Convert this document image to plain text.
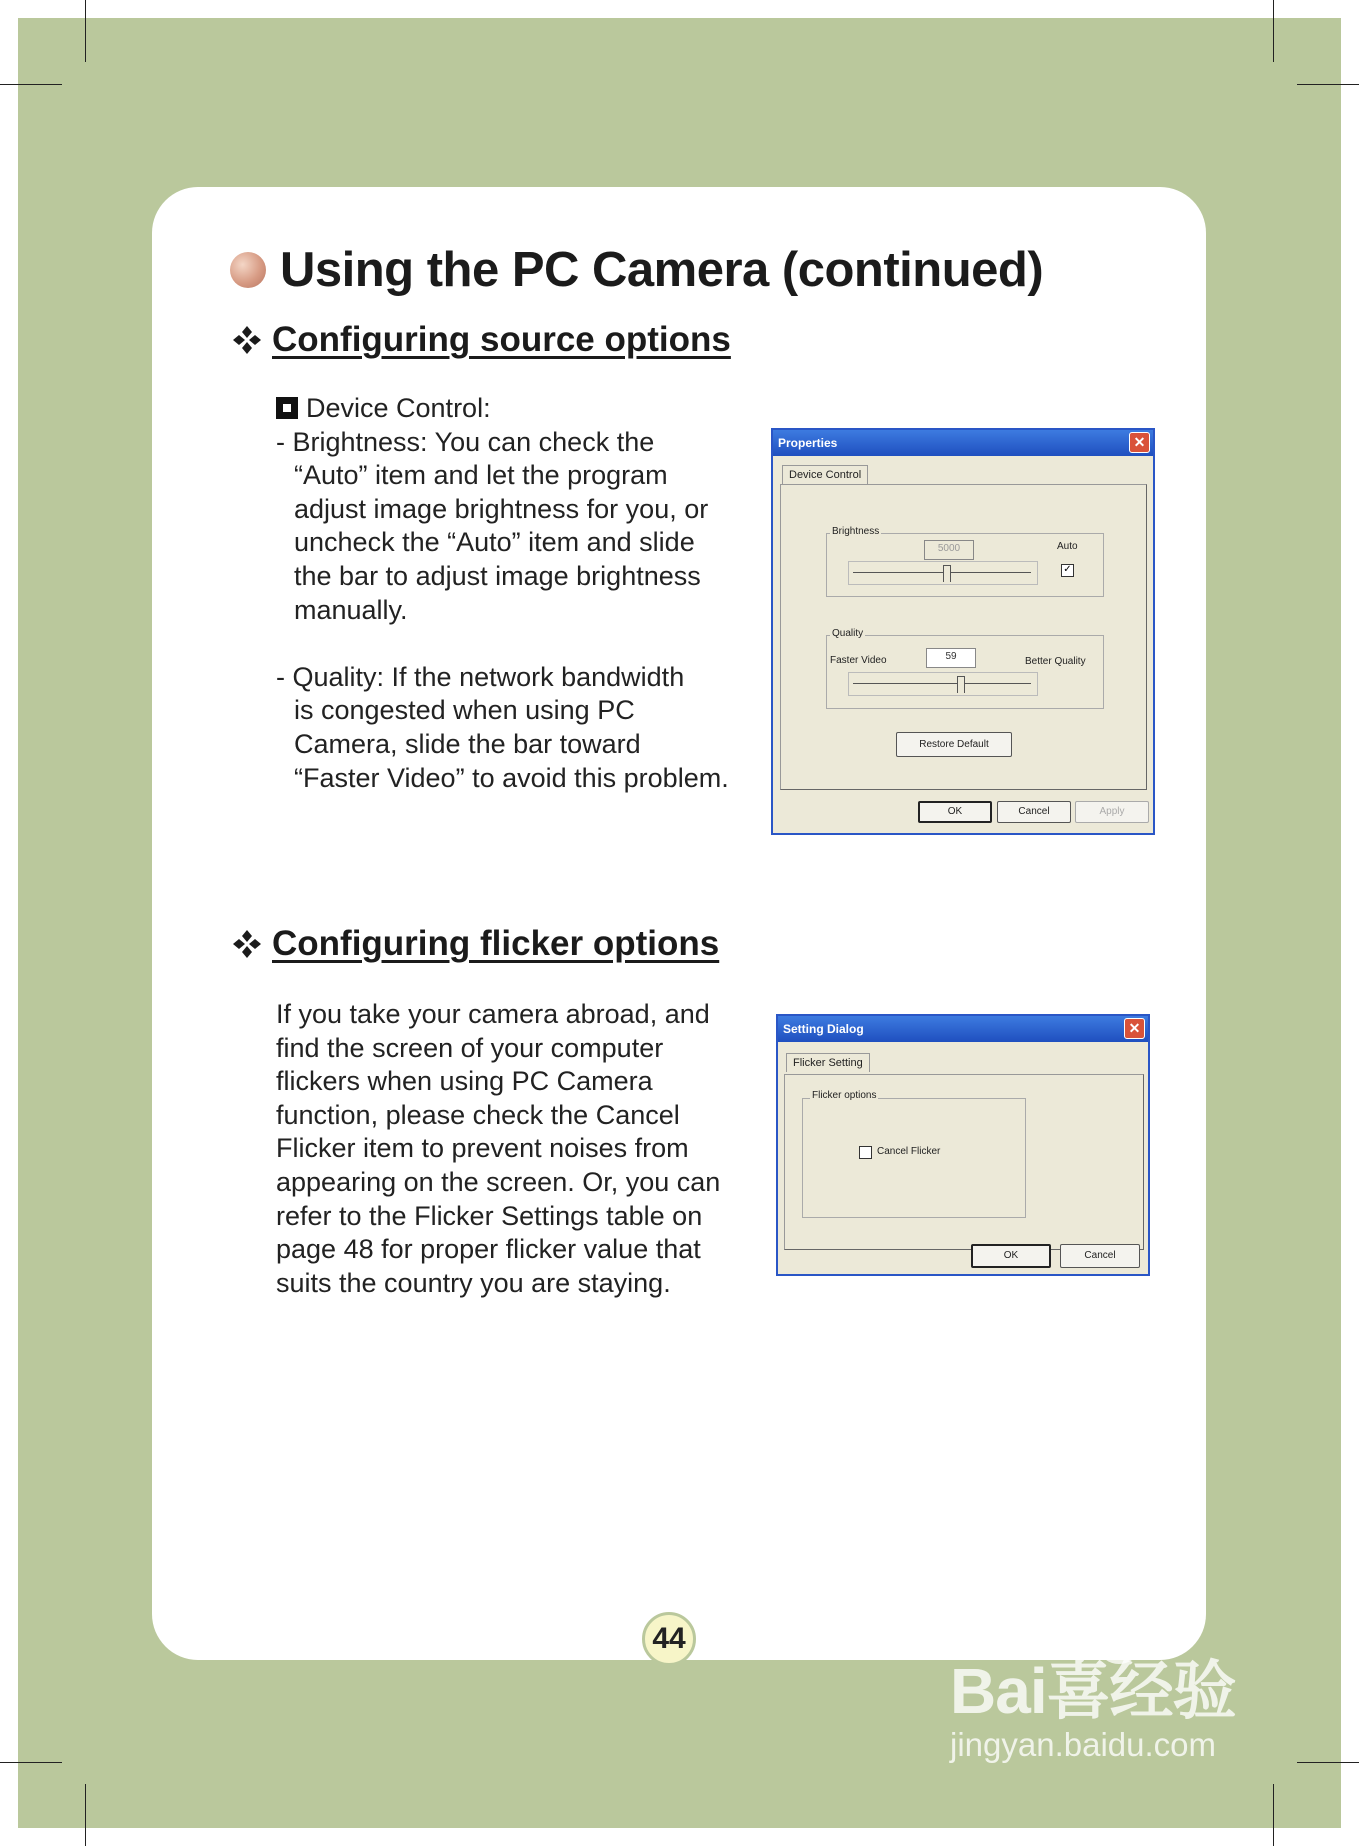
Using the PC Camera (continued)
Configuring source options
Device Control:
- Brightness: You can check the
“Auto” item and let the program
adjust image brightness for you, or
uncheck the “Auto” item and slide
the bar to adjust image brightness
manually.
- Quality: If the network bandwidth
is congested when using PC
Camera, slide the bar toward
“Faster Video” to avoid this problem.
Properties	✕
Device Control
Brightness
5000	Auto
✓
Quality
Faster Video	59	Better Quality
Restore Default
OK	Cancel	Apply
Configuring flicker options
If you take your camera abroad, and
find the screen of your computer
flickers when using PC Camera
function, please check the Cancel
Flicker item to prevent noises from
appearing on the screen. Or, you can
refer to the Flicker Settings table on
page 48 for proper flicker value that
suits the country you are staying.
Setting Dialog	✕
Flicker Setting
Flicker options
Cancel Flicker
OK	Cancel
44
Bai喜经验
jingyan.baidu.com
